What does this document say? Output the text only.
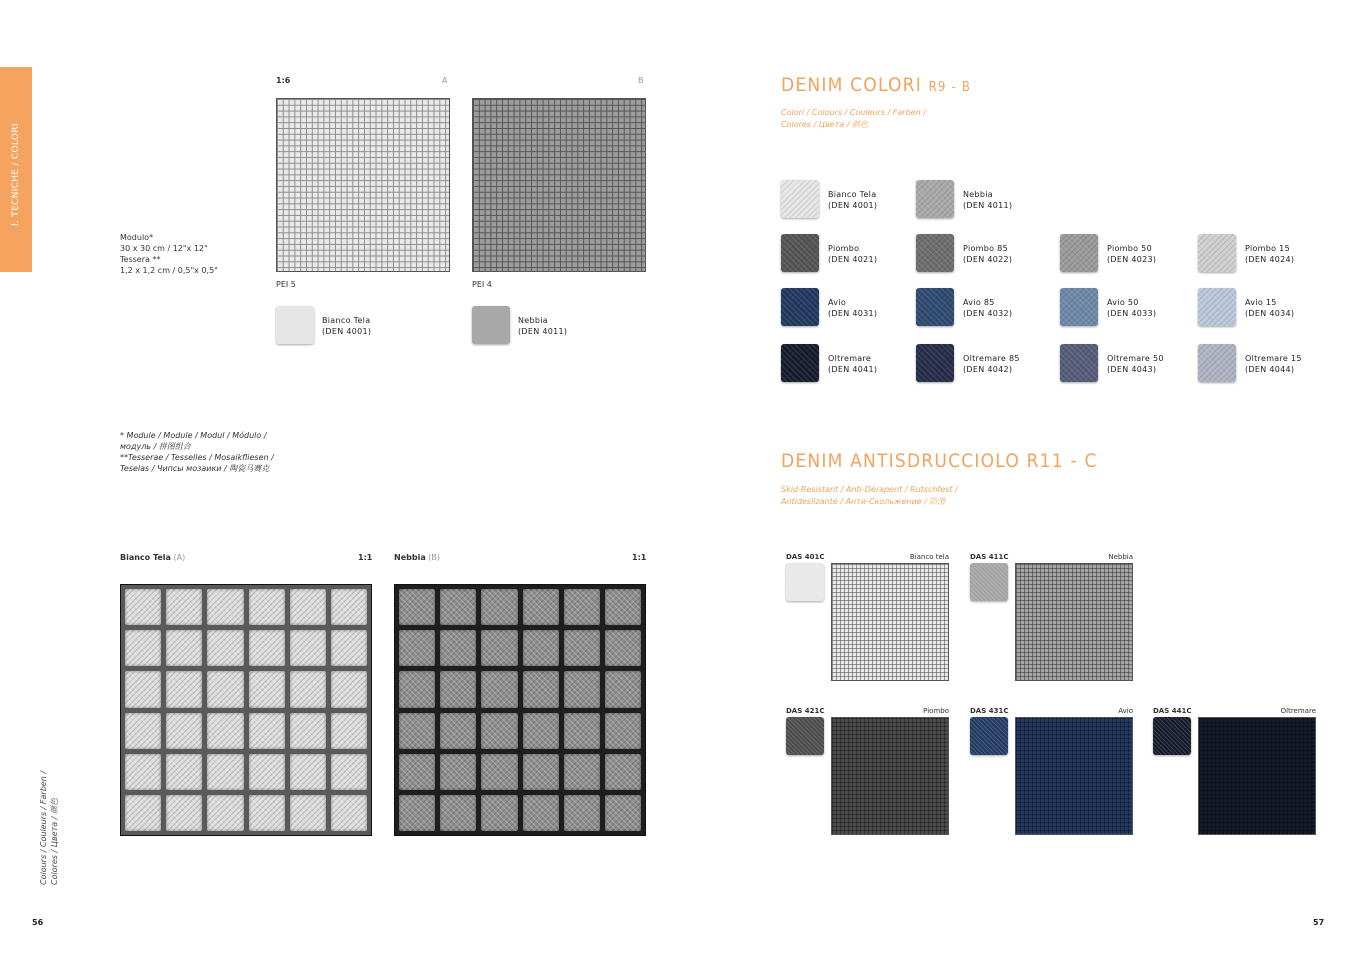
I. TECNICHE / COLORI
1:6	A	B
PEI 5	PEI 4
Modulo*
30 x 30 cm / 12"x 12"
Tessera **
1,2 x 1,2 cm / 0,5"x 0,5"
Bianco Tela
(DEN 4001)
Nebbia
(DEN 4011)
* Module / Module / Modul / Módulo /
модуль / 拼图组合
**Tesserae / Tesselles / Mosaikfliesen /
Teselas / Чипсы мозаики / 陶瓷马赛克
Bianco Tela (A)	1:1	Nebbia (B)	1:1
Colours / Couleurs / Farben / Colores / Цвета / 颜色
56
DENIM COLORI R9 - B
Colori / Colours / Couleurs / Farben /
Colores / Цвета / 颜色
Bianco Tela
(DEN 4001)
Nebbia
(DEN 4011)
Piombo
(DEN 4021)
Piombo 85
(DEN 4022)
Piombo 50
(DEN 4023)
Piombo 15
(DEN 4024)
Avio
(DEN 4031)
Avio 85
(DEN 4032)
Avio 50
(DEN 4033)
Avio 15
(DEN 4034)
Oltremare
(DEN 4041)
Oltremare 85
(DEN 4042)
Oltremare 50
(DEN 4043)
Oltremare 15
(DEN 4044)
DENIM ANTISDRUCCIOLO R11 - C
Skid-Resistant / Anti-Dérapent / Rutschfest /
Antideslizante / Анти-Скольжение / 防滑
DAS 401C	Bianco tela	DAS 411C	Nebbia
DAS 421C	Piombo	DAS 431C	Avio	DAS 441C	Oltremare
57
